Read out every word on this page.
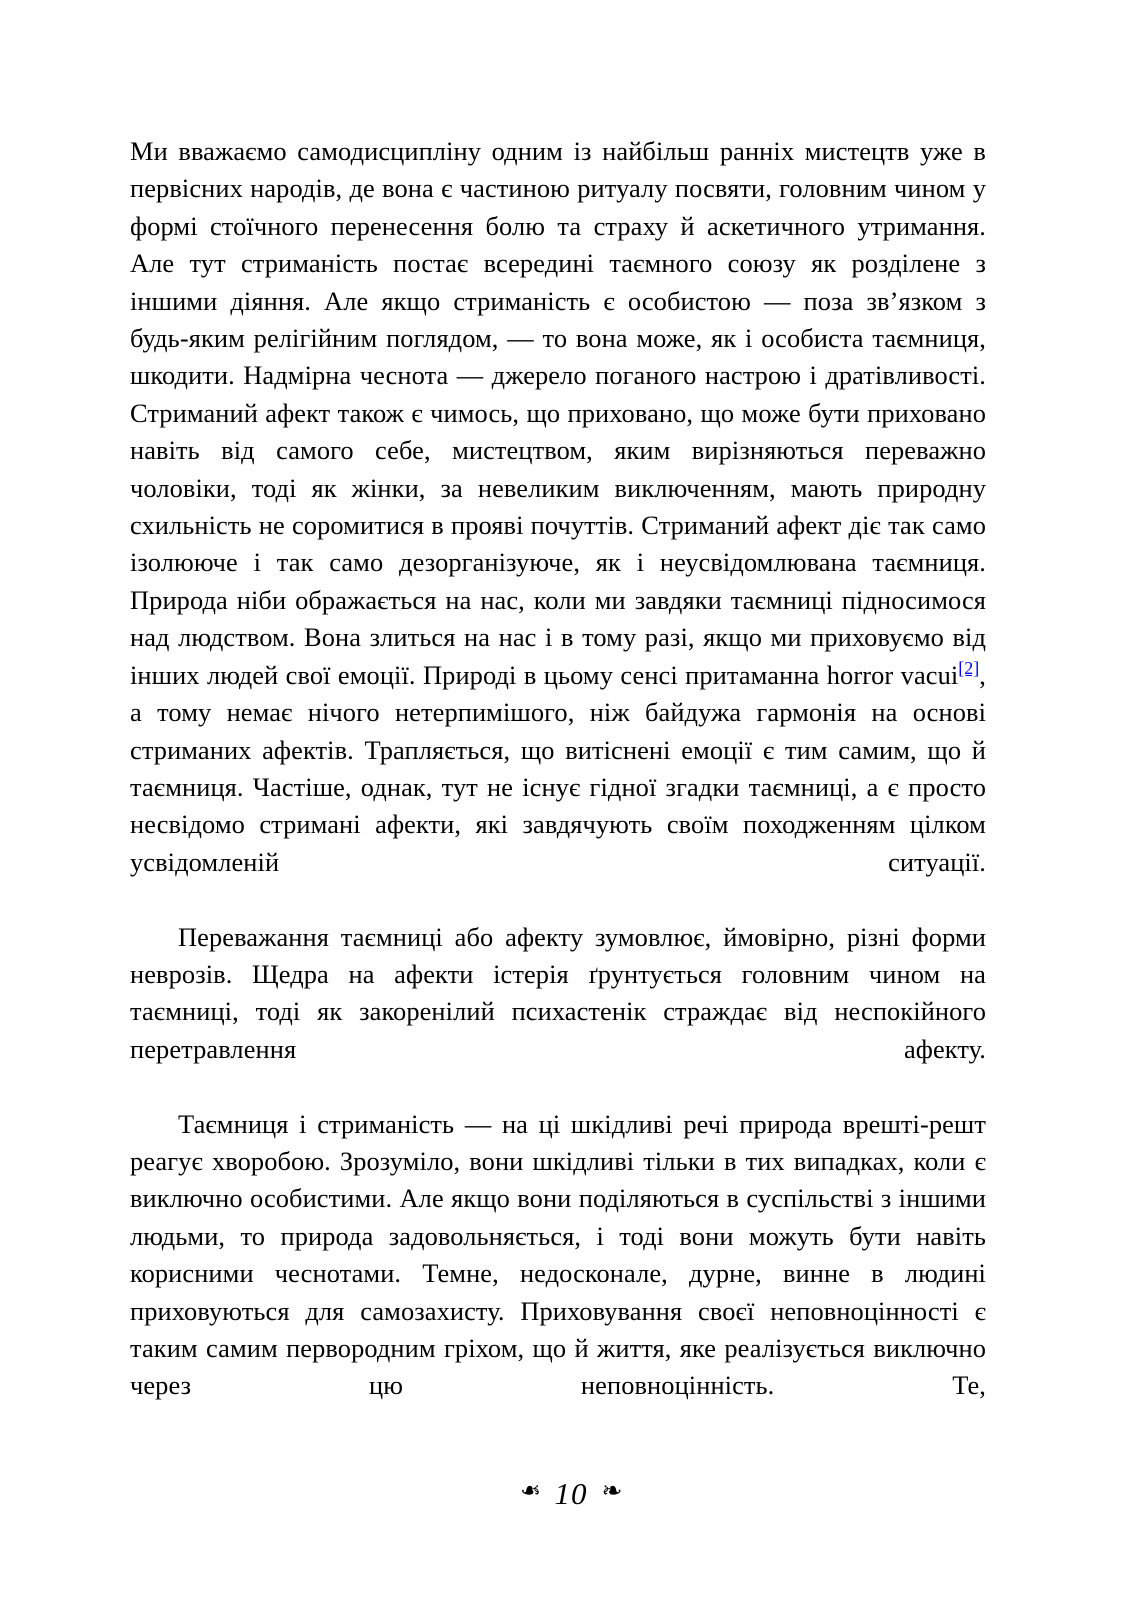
Ми вважаємо самодисципліну одним із найбільш ранніх мистецтв уже в первісних народів, де вона є частиною ритуалу посвяти, головним чином у формі стоїчного перенесення болю та страху й аскетичного утримання. Але тут стриманість постає всередині таємного союзу як розділене з іншими діяння. Але якщо стриманість є особистою — поза зв’язком з будь-яким релігійним поглядом, — то вона може, як і особиста таємниця, шкодити. Надмірна чеснота — джерело поганого настрою і дратівливості. Стриманий афект також є чимось, що приховано, що може бути приховано навіть від самого себе, мистецтвом, яким вирізняються переважно чоловіки, тоді як жінки, за невеликим виключенням, мають природну схильність не соромитися в прояві почуттів. Стриманий афект діє так само ізолююче і так само дезорганізуюче, як і неусвідомлювана таємниця. Природа ніби ображається на нас, коли ми завдяки таємниці підносимося над людством. Вона злиться на нас і в тому разі, якщо ми приховуємо від інших людей свої емоції. Природі в цьому сенсі притаманна horror vacui[2], а тому немає нічого нетерпимішого, ніж байдужа гармонія на основі стриманих афектів. Трапляється, що витіснені емоції є тим самим, що й таємниця. Частіше, однак, тут не існує гідної згадки таємниці, а є просто несвідомо стримані афекти, які завдячують своїм походженням цілком усвідомленій ситуації.

Переважання таємниці або афекту зумовлює, ймовірно, різні форми неврозів. Щедра на афекти істерія ґрунтується головним чином на таємниці, тоді як закоренілий психастенік страждає від неспокійного перетравлення афекту.

Таємниця і стриманість — на ці шкідливі речі природа врешті-решт реагує хворобою. Зрозуміло, вони шкідливі тільки в тих випадках, коли є виключно особистими. Але якщо вони поділяються в суспільстві з іншими людьми, то природа задовольняється, і тоді вони можуть бути навіть корисними чеснотами. Темне, недосконале, дурне, винне в людині приховуються для самозахисту. Приховування своєї неповноцінності є таким самим первородним гріхом, що й життя, яке реалізується виключно через цю неповноцінність. Те,

❧ 10 ❧
